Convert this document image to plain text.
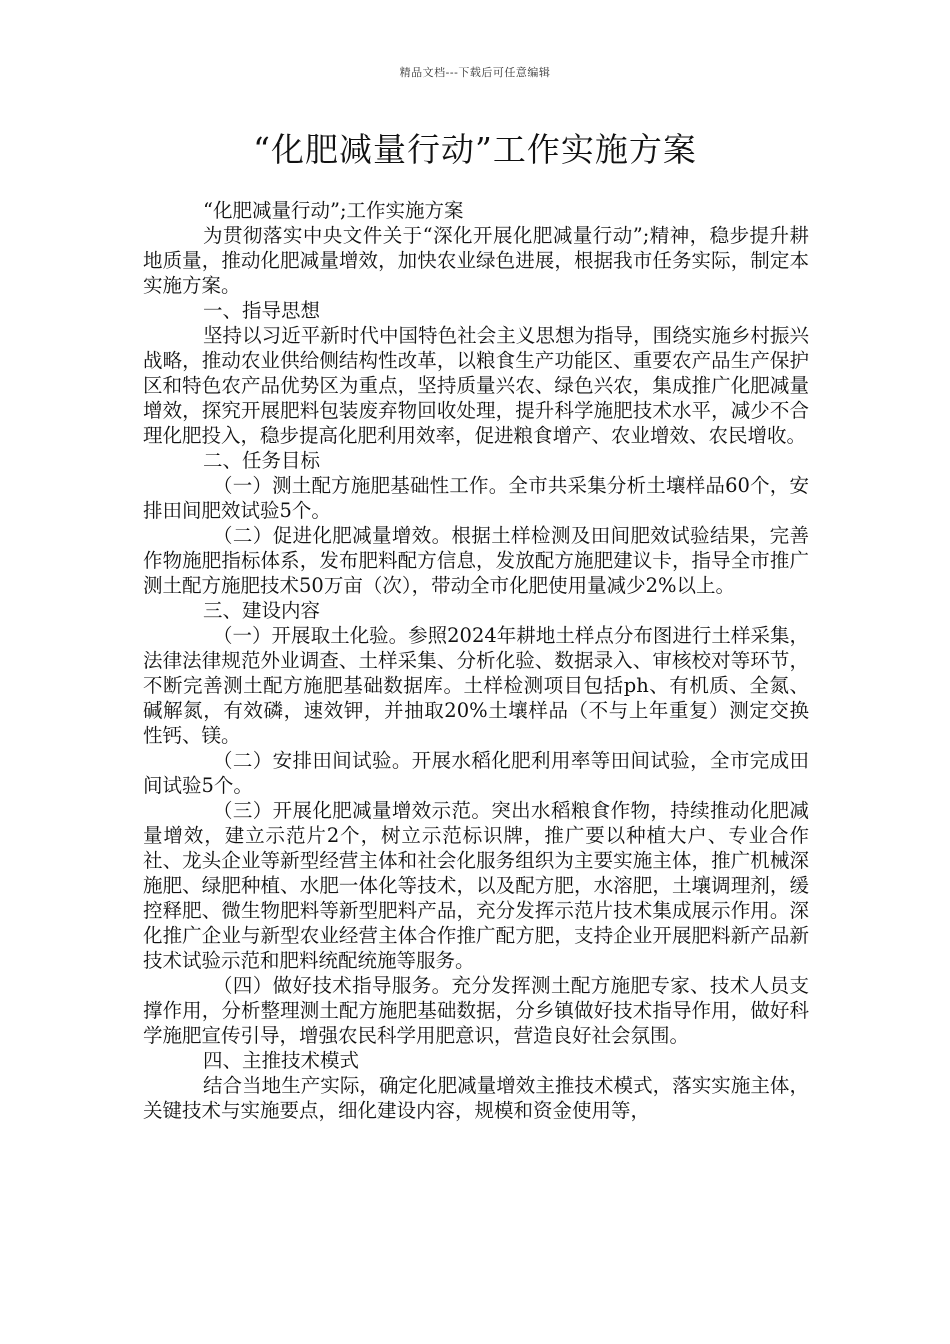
精品文档---下载后可任意编辑
“化肥减量行动”工作实施方案

“化肥减量行动”;工作实施方案

为贯彻落实中央文件关于“深化开展化肥减量行动”;精神，稳步提升耕地质量，推动化肥减量增效，加快农业绿色进展，根据我市任务实际，制定本实施方案。

一、指导思想

坚持以习近平新时代中国特色社会主义思想为指导，围绕实施乡村振兴战略，推动农业供给侧结构性改革，以粮食生产功能区、重要农产品生产保护区和特色农产品优势区为重点，坚持质量兴农、绿色兴农，集成推广化肥减量增效，探究开展肥料包装废弃物回收处理，提升科学施肥技术水平，减少不合理化肥投入，稳步提高化肥利用效率，促进粮食增产、农业增效、农民增收。

二、任务目标

（一）测土配方施肥基础性工作。全市共采集分析土壤样品60个，安排田间肥效试验5个。

（二）促进化肥减量增效。根据土样检测及田间肥效试验结果，完善作物施肥指标体系，发布肥料配方信息，发放配方施肥建议卡，指导全市推广测土配方施肥技术50万亩（次），带动全市化肥使用量减少2%以上。

三、建设内容

（一）开展取土化验。参照2024年耕地土样点分布图进行土样采集，法律法律规范外业调查、土样采集、分析化验、数据录入、审核校对等环节，不断完善测土配方施肥基础数据库。土样检测项目包括ph、有机质、全氮、碱解氮，有效磷，速效钾，并抽取20%土壤样品（不与上年重复）测定交换性钙、镁。

（二）安排田间试验。开展水稻化肥利用率等田间试验，全市完成田间试验5个。

（三）开展化肥减量增效示范。突出水稻粮食作物，持续推动化肥减量增效，建立示范片2个，树立示范标识牌，推广要以种植大户、专业合作社、龙头企业等新型经营主体和社会化服务组织为主要实施主体，推广机械深施肥、绿肥种植、水肥一体化等技术，以及配方肥，水溶肥，土壤调理剂，缓控释肥、微生物肥料等新型肥料产品，充分发挥示范片技术集成展示作用。深化推广企业与新型农业经营主体合作推广配方肥，支持企业开展肥料新产品新技术试验示范和肥料统配统施等服务。

（四）做好技术指导服务。充分发挥测土配方施肥专家、技术人员支撑作用，分析整理测土配方施肥基础数据，分乡镇做好技术指导作用，做好科学施肥宣传引导，增强农民科学用肥意识，营造良好社会氛围。

四、主推技术模式

结合当地生产实际，确定化肥减量增效主推技术模式，落实实施主体，关键技术与实施要点，细化建设内容，规模和资金使用等，
